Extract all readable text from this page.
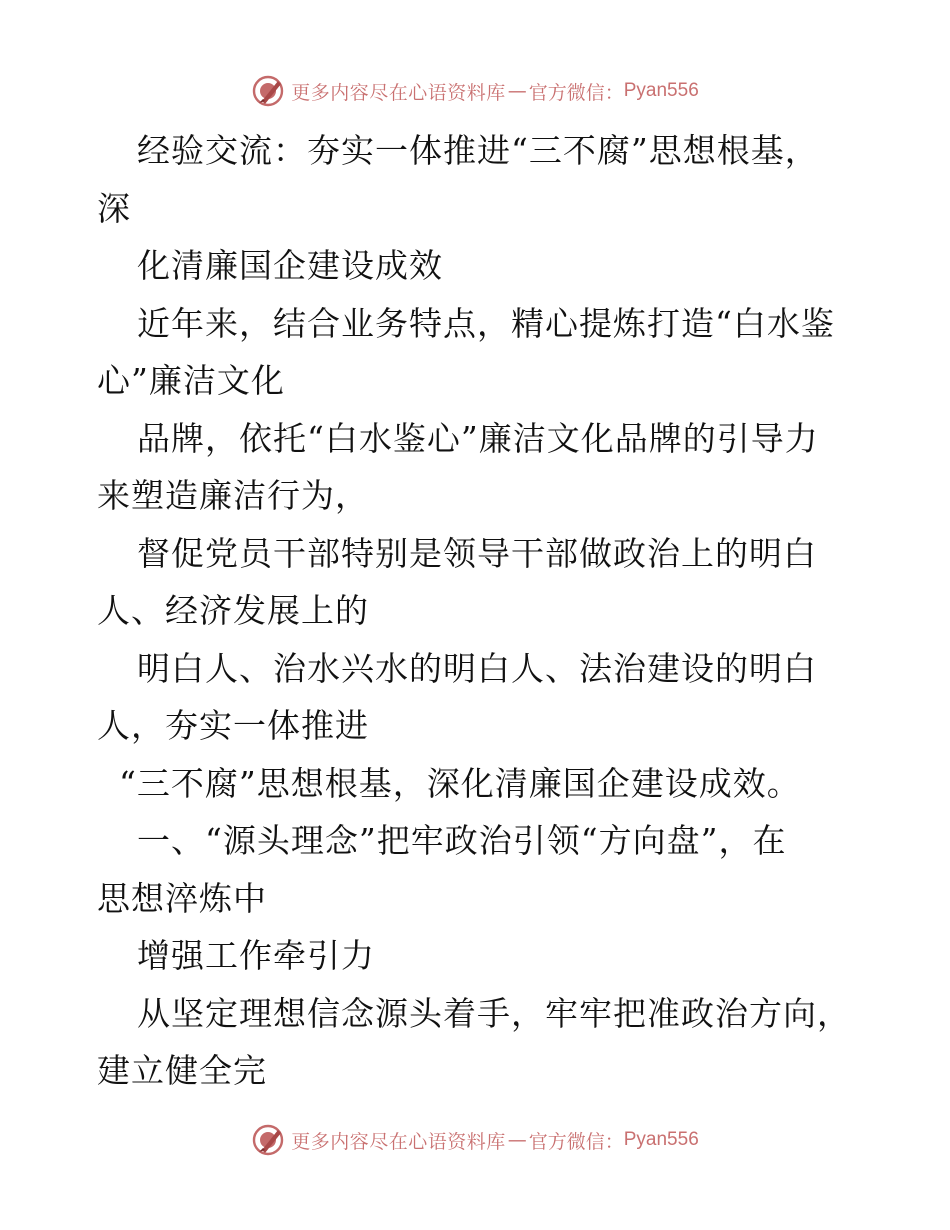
更多内容尽在心语资料库 — 官方微信： Pyan556
经验交流：夯实一体推进“三不腐”思想根基，
深
化清廉国企建设成效
近年来，结合业务特点，精心提炼打造“白水鉴
心”廉洁文化
品牌，依托“白水鉴心”廉洁文化品牌的引导力
来塑造廉洁行为，
督促党员干部特别是领导干部做政治上的明白
人、经济发展上的
明白人、治水兴水的明白人、法治建设的明白
人，夯实一体推进
“三不腐”思想根基，深化清廉国企建设成效。
一、“源头理念”把牢政治引领“方向盘”，在
思想淬炼中
增强工作牵引力
从坚定理想信念源头着手，牢牢把准政治方向，
建立健全完
更多内容尽在心语资料库 — 官方微信： Pyan556
